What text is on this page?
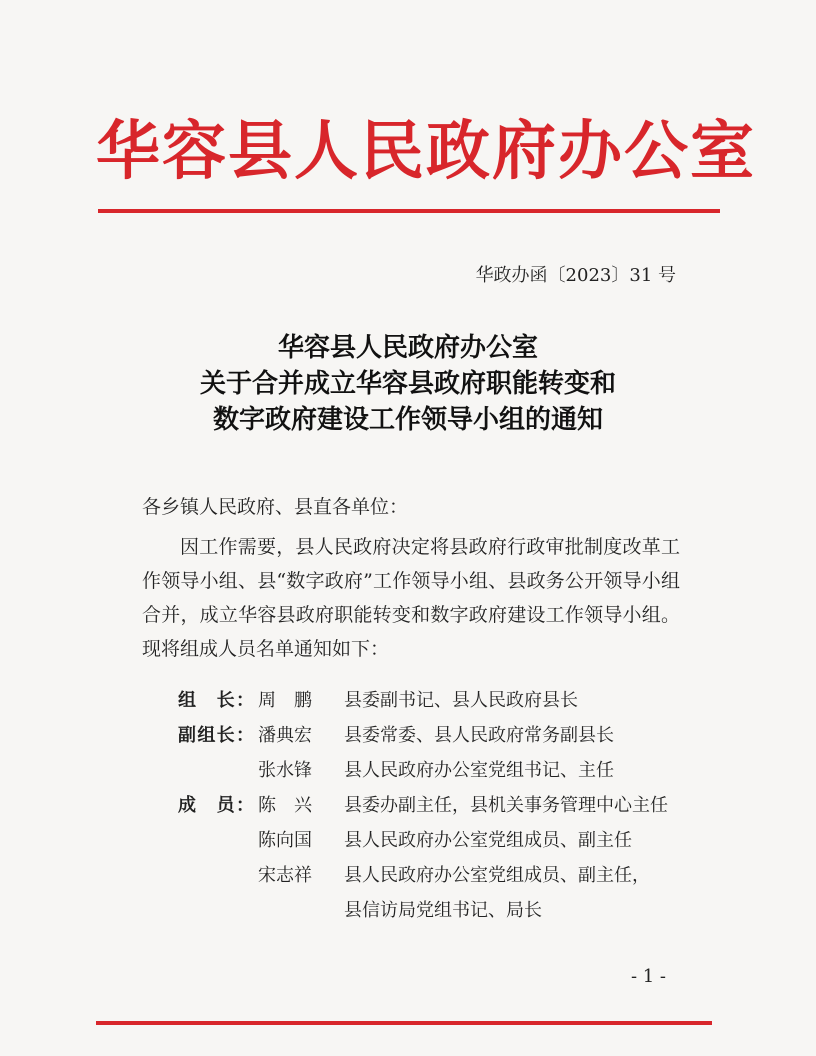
华容县人民政府办公室
华政办函〔2023〕31 号
华容县人民政府办公室
关于合并成立华容县政府职能转变和
数字政府建设工作领导小组的通知

各乡镇人民政府、县直各单位：

因工作需要，县人民政府决定将县政府行政审批制度改革工作领导小组、县“数字政府”工作领导小组、县政务公开领导小组合并，成立华容县政府职能转变和数字政府建设工作领导小组。现将组成人员名单通知如下：

组　长： 周　鹏	县委副书记、县人民政府县长
副组长： 潘典宏	县委常委、县人民政府常务副县长
张水锋	县人民政府办公室党组书记、主任
成　员： 陈　兴	县委办副主任，县机关事务管理中心主任
陈向国	县人民政府办公室党组成员、副主任
宋志祥	县人民政府办公室党组成员、副主任，
县信访局党组书记、局长
- 1 -
